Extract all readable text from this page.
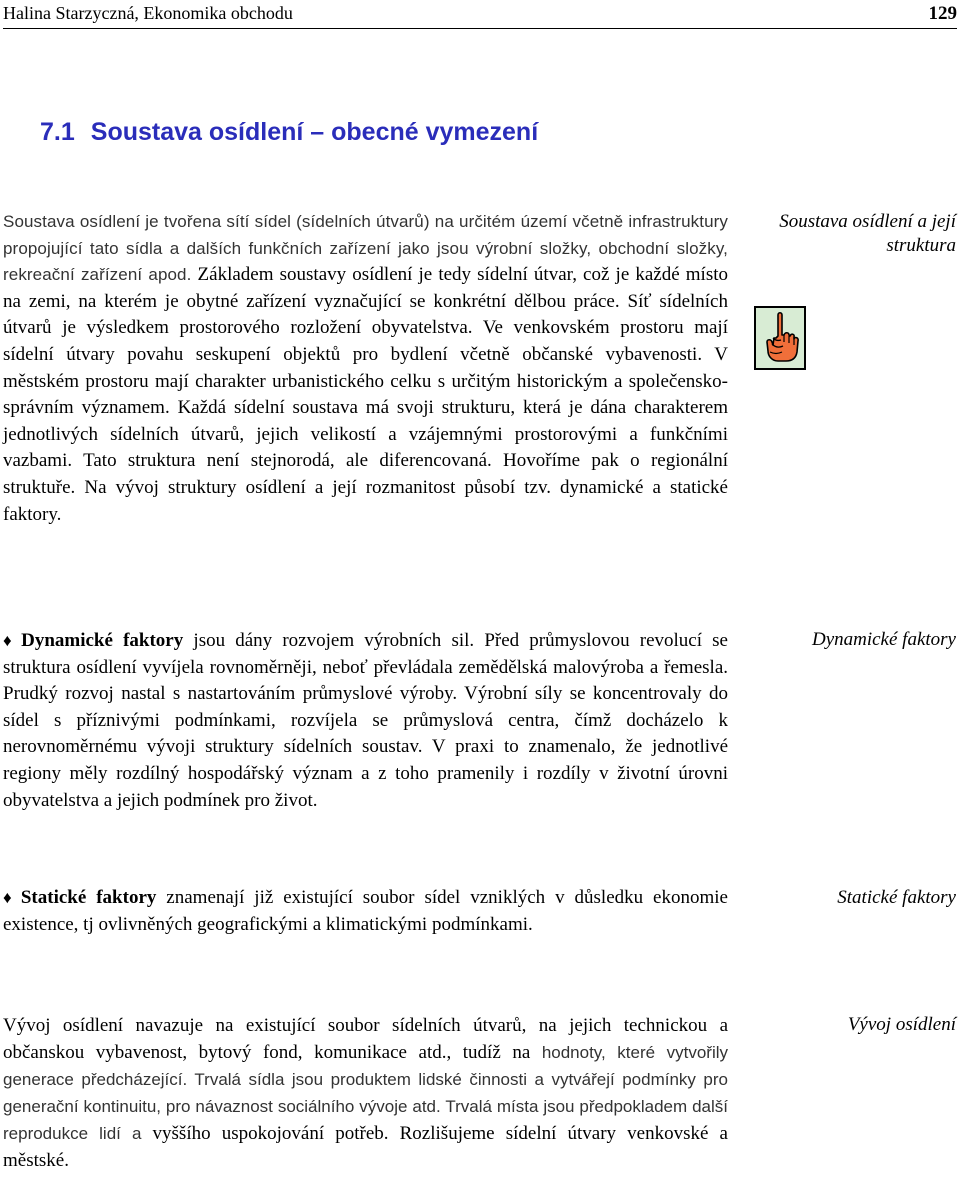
Halina Starzyczná, Ekonomika obchodu	129
7.1 Soustava osídlení – obecné vymezení

Soustava osídlení je tvořena sítí sídel (sídelních útvarů) na určitém území včetně infrastruktury propojující tato sídla a dalších funkčních zařízení jako jsou výrobní složky, obchodní složky, rekreační zařízení apod. Základem soustavy osídlení je tedy sídelní útvar, což je každé místo na zemi, na kterém je obytné zařízení vyznačující se konkrétní dělbou práce. Síť sídelních útvarů je výsledkem prostorového rozložení obyvatelstva. Ve venkovském prostoru mají sídelní útvary povahu seskupení objektů pro bydlení včetně občanské vybavenosti. V městském prostoru mají charakter urbanistického celku s určitým historickým a společensko-správním významem. Každá sídelní soustava má svoji strukturu, která je dána charakterem jednotlivých sídelních útvarů, jejich velikostí a vzájemnými prostorovými a funkčními vazbami. Tato struktura není stejnorodá, ale diferencovaná. Hovoříme pak o regionální struktuře. Na vývoj struktury osídlení a její rozmanitost působí tzv. dynamické a statické faktory.

Soustava osídlení a její struktura

♦ Dynamické faktory jsou dány rozvojem výrobních sil. Před průmyslovou revolucí se struktura osídlení vyvíjela rovnoměrněji, neboť převládala zemědělská malovýroba a řemesla. Prudký rozvoj nastal s nastartováním průmyslové výroby. Výrobní síly se koncentrovaly do sídel s příznivými podmínkami, rozvíjela se průmyslová centra, čímž docházelo k nerovnoměrnému vývoji struktury sídelních soustav. V praxi to znamenalo, že jednotlivé regiony měly rozdílný hospodářský význam a z toho pramenily i rozdíly v životní úrovni obyvatelstva a jejich podmínek pro život.

Dynamické faktory

♦ Statické faktory znamenají již existující soubor sídel vzniklých v důsledku ekonomie existence, tj ovlivněných geografickými a klimatickými podmínkami.

Statické faktory

Vývoj osídlení navazuje na existující soubor sídelních útvarů, na jejich technickou a občanskou vybavenost, bytový fond, komunikace atd., tudíž na hodnoty, které vytvořily generace předcházející. Trvalá sídla jsou produktem lidské činnosti a vytvářejí podmínky pro generační kontinuitu, pro návaznost sociálního vývoje atd. Trvalá místa jsou předpokladem další reprodukce lidí a vyššího uspokojování potřeb. Rozlišujeme sídelní útvary venkovské a městské.

Vývoj osídlení
